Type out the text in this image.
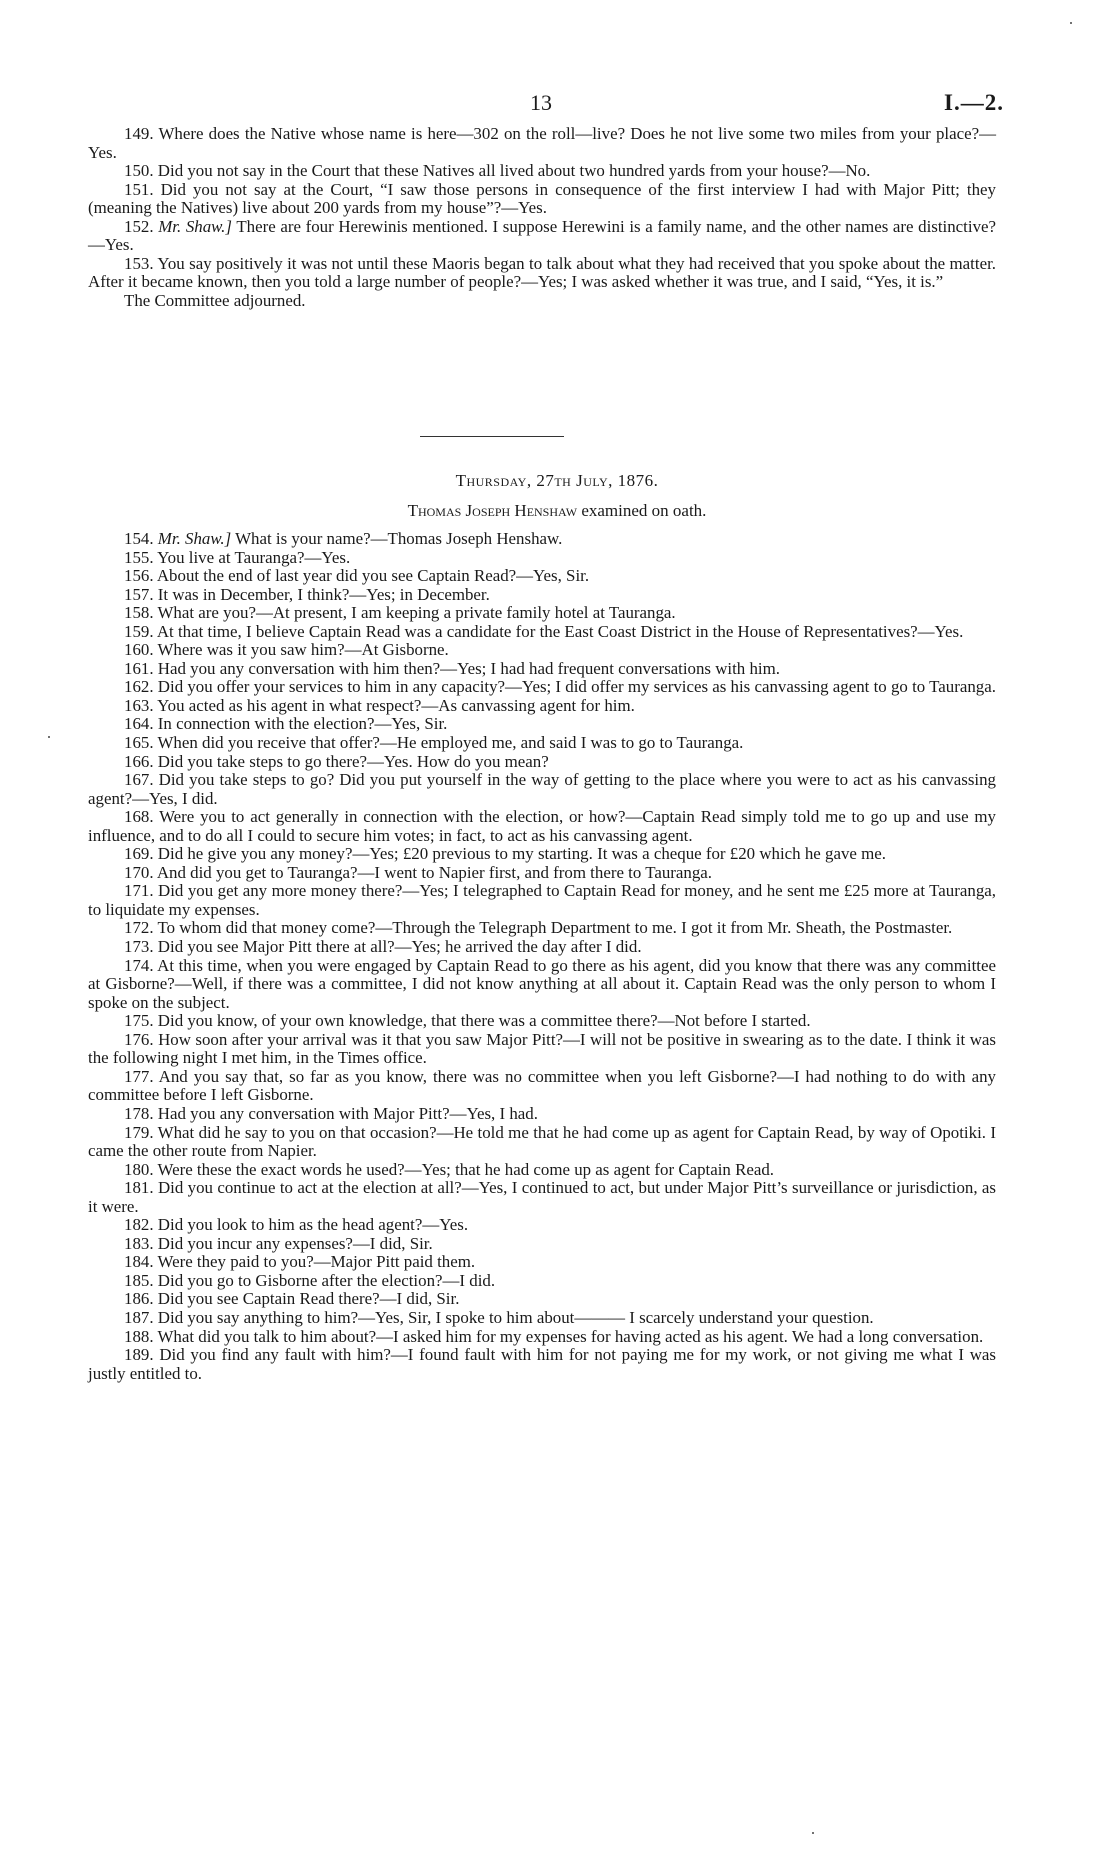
13	I.—2.

149. Where does the Native whose name is here—302 on the roll—live? Does he not live some two miles from your place?—Yes.

150. Did you not say in the Court that these Natives all lived about two hundred yards from your house?—No.

151. Did you not say at the Court, “I saw those persons in consequence of the first interview I had with Major Pitt; they (meaning the Natives) live about 200 yards from my house”?—Yes.

152. Mr. Shaw.] There are four Herewinis mentioned. I suppose Herewini is a family name, and the other names are distinctive?—Yes.

153. You say positively it was not until these Maoris began to talk about what they had received that you spoke about the matter. After it became known, then you told a large number of people?—Yes; I was asked whether it was true, and I said, “Yes, it is.”

The Committee adjourned.

Thursday, 27th July, 1876.
Thomas Joseph Henshaw examined on oath.

154. Mr. Shaw.] What is your name?—Thomas Joseph Henshaw.

155. You live at Tauranga?—Yes.

156. About the end of last year did you see Captain Read?—Yes, Sir.

157. It was in December, I think?—Yes; in December.

158. What are you?—At present, I am keeping a private family hotel at Tauranga.

159. At that time, I believe Captain Read was a candidate for the East Coast District in the House of Representatives?—Yes.

160. Where was it you saw him?—At Gisborne.

161. Had you any conversation with him then?—Yes; I had had frequent conversations with him.

162. Did you offer your services to him in any capacity?—Yes; I did offer my services as his canvassing agent to go to Tauranga.

163. You acted as his agent in what respect?—As canvassing agent for him.

164. In connection with the election?—Yes, Sir.

165. When did you receive that offer?—He employed me, and said I was to go to Tauranga.

166. Did you take steps to go there?—Yes. How do you mean?

167. Did you take steps to go? Did you put yourself in the way of getting to the place where you were to act as his canvassing agent?—Yes, I did.

168. Were you to act generally in connection with the election, or how?—Captain Read simply told me to go up and use my influence, and to do all I could to secure him votes; in fact, to act as his canvassing agent.

169. Did he give you any money?—Yes; £20 previous to my starting. It was a cheque for £20 which he gave me.

170. And did you get to Tauranga?—I went to Napier first, and from there to Tauranga.

171. Did you get any more money there?—Yes; I telegraphed to Captain Read for money, and he sent me £25 more at Tauranga, to liquidate my expenses.

172. To whom did that money come?—Through the Telegraph Department to me. I got it from Mr. Sheath, the Postmaster.

173. Did you see Major Pitt there at all?—Yes; he arrived the day after I did.

174. At this time, when you were engaged by Captain Read to go there as his agent, did you know that there was any committee at Gisborne?—Well, if there was a committee, I did not know anything at all about it. Captain Read was the only person to whom I spoke on the subject.

175. Did you know, of your own knowledge, that there was a committee there?—Not before I started.

176. How soon after your arrival was it that you saw Major Pitt?—I will not be positive in swearing as to the date. I think it was the following night I met him, in the Times office.

177. And you say that, so far as you know, there was no committee when you left Gisborne?—I had nothing to do with any committee before I left Gisborne.

178. Had you any conversation with Major Pitt?—Yes, I had.

179. What did he say to you on that occasion?—He told me that he had come up as agent for Captain Read, by way of Opotiki. I came the other route from Napier.

180. Were these the exact words he used?—Yes; that he had come up as agent for Captain Read.

181. Did you continue to act at the election at all?—Yes, I continued to act, but under Major Pitt’s surveillance or jurisdiction, as it were.

182. Did you look to him as the head agent?—Yes.

183. Did you incur any expenses?—I did, Sir.

184. Were they paid to you?—Major Pitt paid them.

185. Did you go to Gisborne after the election?—I did.

186. Did you see Captain Read there?—I did, Sir.

187. Did you say anything to him?—Yes, Sir, I spoke to him about——— I scarcely understand your question.

188. What did you talk to him about?—I asked him for my expenses for having acted as his agent. We had a long conversation.

189. Did you find any fault with him?—I found fault with him for not paying me for my work, or not giving me what I was justly entitled to.
